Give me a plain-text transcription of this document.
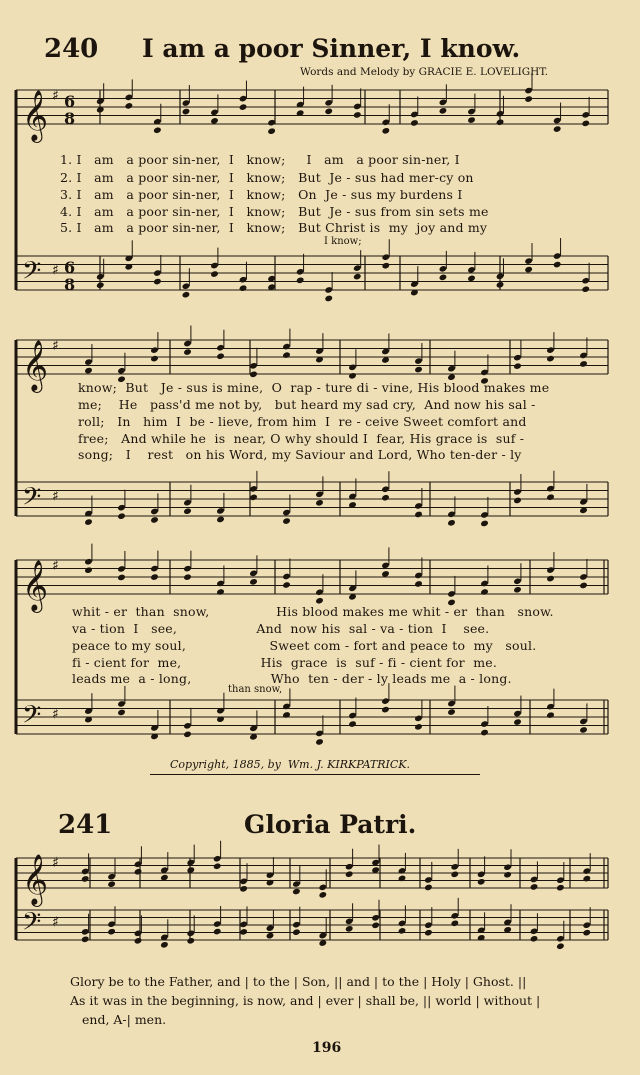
240 I am a poor Sinner, I know.
Words and Melody by GRACIE E. LOVELIGHT.
𝄞
𝄢
♯
♯
6
8
6
8
𝄞
𝄢
♯
♯
𝄞
𝄢
♯
♯
𝄞
𝄢
♯
♯
1. I   am   a poor sin-ner,  I   know;     I   am   a poor sin-ner, I
2. I   am   a poor sin-ner,  I   know;   But  Je - sus had mer-cy on
3. I   am   a poor sin-ner,  I   know;   On  Je - sus my burdens I
4. I   am   a poor sin-ner,  I   know;   But  Je - sus from sin sets me
5. I   am   a poor sin-ner,  I   know;   But Christ is  my  joy and my
I know;
know;  But   Je - sus is mine,  O  rap - ture di - vine, His blood makes me
me;    He   pass'd me not by,   but heard my sad cry,  And now his sal -
roll;   In   him  I  be - lieve, from him  I  re - ceive Sweet comfort and
free;   And while he  is  near, O why should I  fear, His grace is  suf -
song;   I    rest   on his Word, my Saviour and Lord, Who ten-der - ly
whit - er  than  snow,                His blood makes me whit - er  than   snow.
va - tion  I   see,                   And  now his  sal - va - tion  I    see.
peace to my soul,                    Sweet com - fort and peace to  my   soul.
fi - cient for  me,                   His  grace  is  suf - fi - cient for  me.
leads me  a - long,                   Who  ten - der - ly leads me  a - long.
than snow,
Copyright, 1885, by  Wm. J. KIRKPATRICK.
241	Gloria Patri.
Glory be to the Father, and | to the | Son, || and | to the | Holy | Ghost. ||
As it was in the beginning, is now, and | ever | shall be, || world | without |
end, A-| men.
196
